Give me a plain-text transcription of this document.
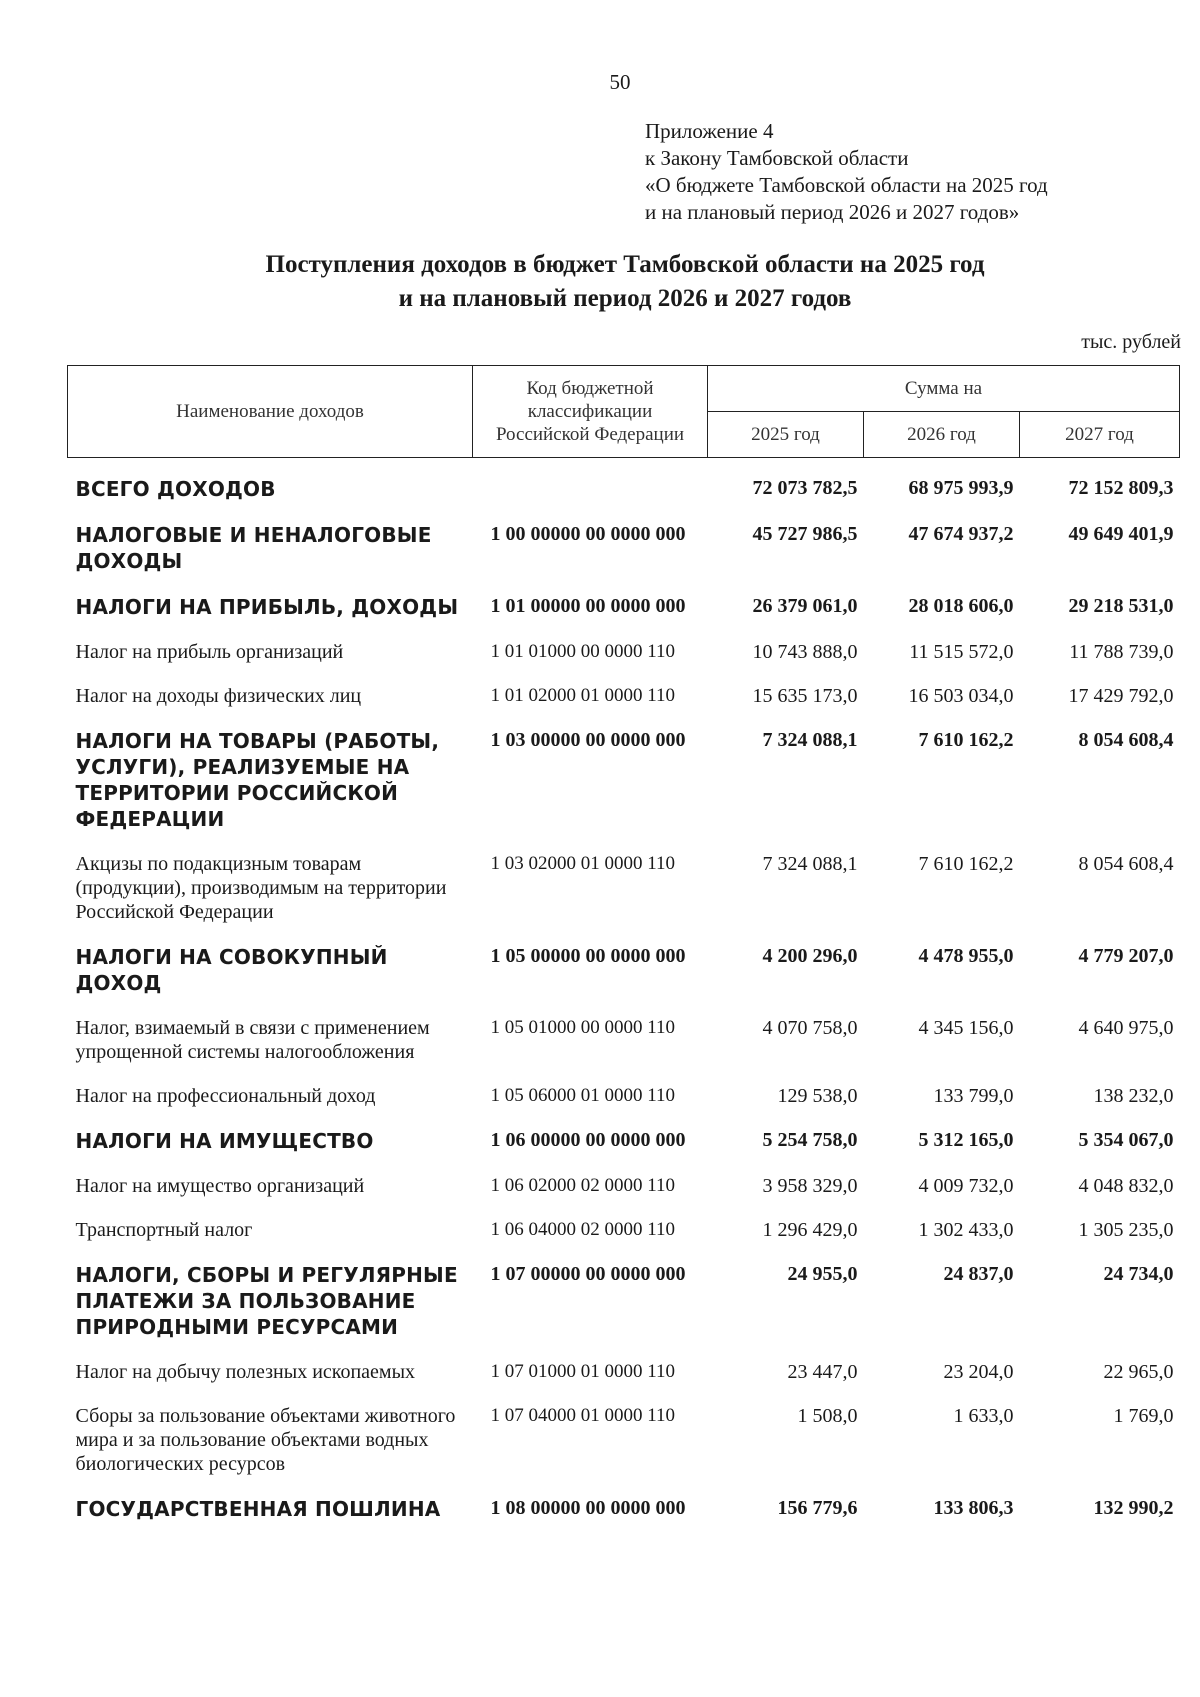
50
Приложение 4
к Закону Тамбовской области
«О бюджете Тамбовской области на 2025 год
и на плановый период 2026 и 2027 годов»
Поступления доходов в бюджет Тамбовской области на 2025 год
и на плановый период 2026 и 2027 годов
тыс. рублей
Наименование доходов	Код бюджетной
классификации
Российской Федерации	Сумма на		
		2025 год	2026 год	2027 год
ВСЕГО ДОХОДОВ		72 073 782,5	68 975 993,9	72 152 809,3
НАЛОГОВЫЕ И НЕНАЛОГОВЫЕ ДОХОДЫ	1 00 00000 00 0000 000	45 727 986,5	47 674 937,2	49 649 401,9
НАЛОГИ НА ПРИБЫЛЬ, ДОХОДЫ	1 01 00000 00 0000 000	26 379 061,0	28 018 606,0	29 218 531,0
Налог на прибыль организаций	1 01 01000 00 0000 110	10 743 888,0	11 515 572,0	11 788 739,0
Налог на доходы физических лиц	1 01 02000 01 0000 110	15 635 173,0	16 503 034,0	17 429 792,0
НАЛОГИ НА ТОВАРЫ (РАБОТЫ, УСЛУГИ), РЕАЛИЗУЕМЫЕ НА ТЕРРИТОРИИ РОССИЙСКОЙ ФЕДЕРАЦИИ	1 03 00000 00 0000 000	7 324 088,1	7 610 162,2	8 054 608,4
Акцизы по подакцизным товарам (продукции), производимым на территории Российской Федерации	1 03 02000 01 0000 110	7 324 088,1	7 610 162,2	8 054 608,4
НАЛОГИ НА СОВОКУПНЫЙ ДОХОД	1 05 00000 00 0000 000	4 200 296,0	4 478 955,0	4 779 207,0
Налог, взимаемый в связи с применением упрощенной системы налогообложения	1 05 01000 00 0000 110	4 070 758,0	4 345 156,0	4 640 975,0
Налог на профессиональный доход	1 05 06000 01 0000 110	129 538,0	133 799,0	138 232,0
НАЛОГИ НА ИМУЩЕСТВО	1 06 00000 00 0000 000	5 254 758,0	5 312 165,0	5 354 067,0
Налог на имущество организаций	1 06 02000 02 0000 110	3 958 329,0	4 009 732,0	4 048 832,0
Транспортный налог	1 06 04000 02 0000 110	1 296 429,0	1 302 433,0	1 305 235,0
НАЛОГИ, СБОРЫ И РЕГУЛЯРНЫЕ ПЛАТЕЖИ ЗА ПОЛЬЗОВАНИЕ ПРИРОДНЫМИ РЕСУРСАМИ	1 07 00000 00 0000 000	24 955,0	24 837,0	24 734,0
Налог на добычу полезных ископаемых	1 07 01000 01 0000 110	23 447,0	23 204,0	22 965,0
Сборы за пользование объектами животного мира и за пользование объектами водных биологических ресурсов	1 07 04000 01 0000 110	1 508,0	1 633,0	1 769,0
ГОСУДАРСТВЕННАЯ ПОШЛИНА	1 08 00000 00 0000 000	156 779,6	133 806,3	132 990,2
